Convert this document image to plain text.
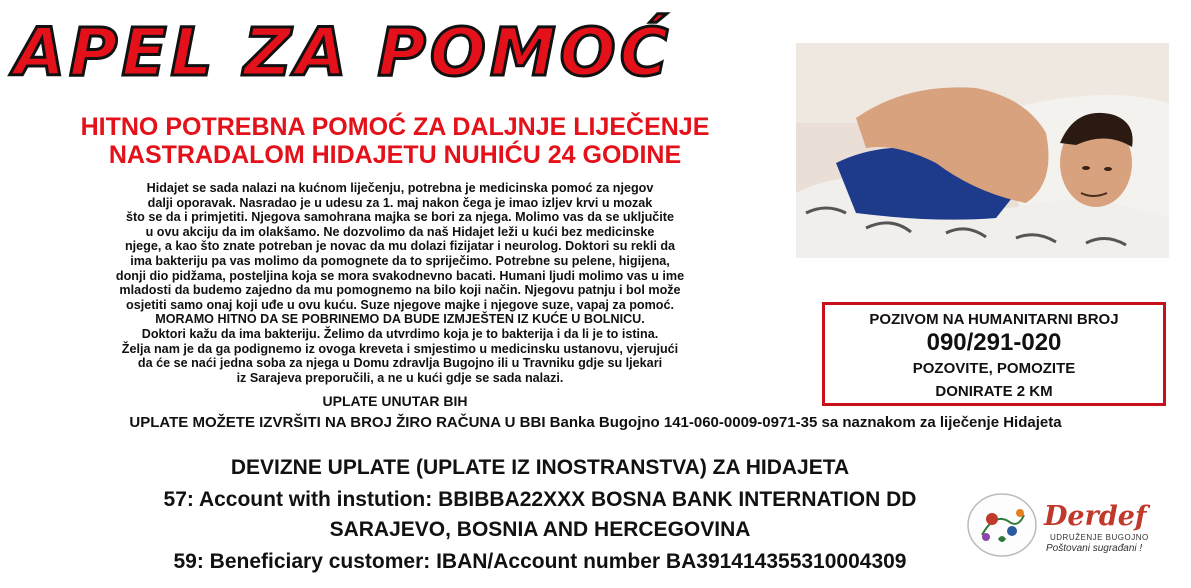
APEL ZA POMOĆ
HITNO POTREBNA POMOĆ ZA DALJNJE LIJEČENJE
NASTRADALOM HIDAJETU NUHIĆU 24 GODINE

Hidajet se sada nalazi na kućnom liječenju, potrebna je medicinska pomoć za njegov

dalji oporavak. Nasradao je u udesu za 1. maj nakon čega je imao izljev krvi u mozak

što se da i primjetiti. Njegova samohrana majka se bori za njega. Molimo vas da se uključite

u ovu akciju da im olakšamo. Ne dozvolimo da naš Hidajet leži u kući bez medicinske

njege, a kao što znate potreban je novac da mu dolazi fizijatar i neurolog. Doktori su rekli da

ima bakteriju pa vas molimo da pomognete da to spriječimo. Potrebne su pelene, higijena,

donji dio pidžama, posteljina koja se mora svakodnevno bacati. Humani ljudi molimo vas u ime

mladosti da budemo zajedno da mu pomognemo na bilo koji način. Njegovu patnju i bol može

osjetiti samo onaj koji uđe u ovu kuću. Suze njegove majke i njegove suze, vapaj za pomoć.

MORAMO HITNO DA SE POBRINEMO DA BUDE IZMJEŠTEN IZ KUĆE U BOLNICU.

Doktori kažu da ima bakteriju. Želimo da utvrdimo koja je to bakterija i da li je to istina.

Želja nam je da ga podignemo iz ovoga kreveta i smjestimo u medicinsku ustanovu, vjerujući

da će se naći jedna soba za njega u Domu zdravlja Bugojno ili u Travniku gdje su ljekari

iz Sarajeva preporučili, a ne u kući gdje se sada nalazi.

POZIVOM NA HUMANITARNI BROJ
090/291-020
POZOVITE, POMOZITE
DONIRATE 2 KM
UPLATE UNUTAR BIH
UPLATE MOŽETE IZVRŠITI NA BROJ ŽIRO RAČUNA U BBI Banka Bugojno 141-060-0009-0971-35 sa naznakom za liječenje Hidajeta
DEVIZNE UPLATE (UPLATE IZ INOSTRANSTVA) ZA HIDAJETA
57: Account with instution: BBIBBA22XXX BOSNA BANK INTERNATION DD
SARAJEVO, BOSNIA AND HERCEGOVINA
59: Beneficiary customer: IBAN/Account number BA391414355310004309
Derdef
UDRUŽENJE BUGOJNO
Poštovani sugrađani !
